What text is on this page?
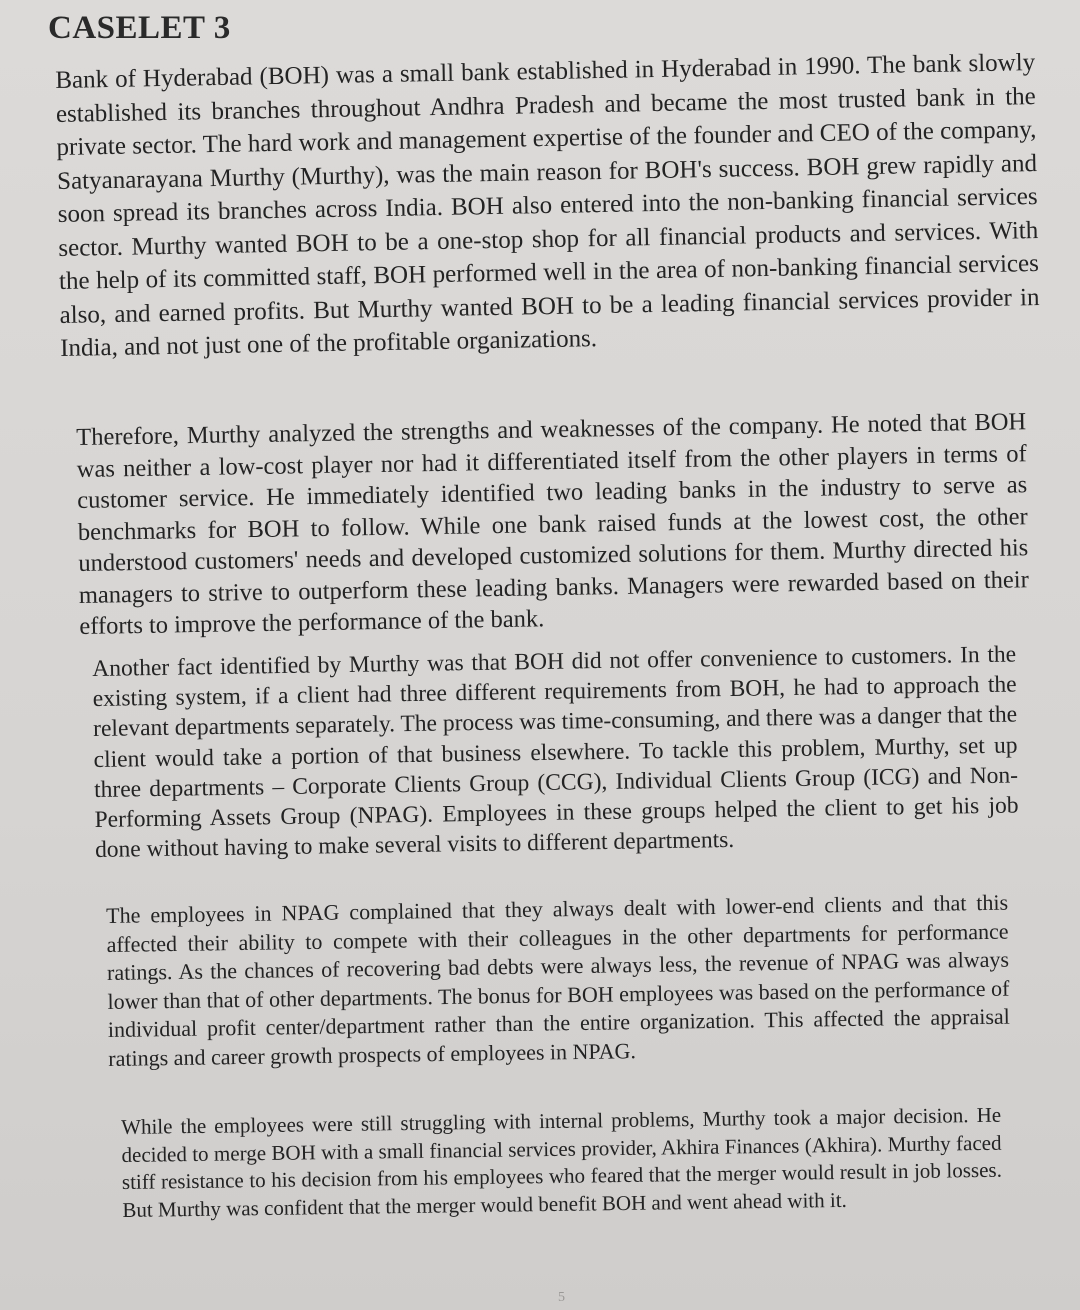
CASELET 3

Bank of Hyderabad (BOH) was a small bank established in Hyderabad in 1990. The bank slowly established its branches throughout Andhra Pradesh and became the most trusted bank in the private sector. The hard work and management expertise of the founder and CEO of the company, Satyanarayana Murthy (Murthy), was the main reason for BOH's success. BOH grew rapidly and soon spread its branches across India. BOH also entered into the non-banking financial services sector. Murthy wanted BOH to be a one-stop shop for all financial products and services. With the help of its committed staff, BOH performed well in the area of non-banking financial services also, and earned profits. But Murthy wanted BOH to be a leading financial services provider in India, and not just one of the profitable organizations.

Therefore, Murthy analyzed the strengths and weaknesses of the company. He noted that BOH was neither a low-cost player nor had it differentiated itself from the other players in terms of customer service. He immediately identified two leading banks in the industry to serve as benchmarks for BOH to follow. While one bank raised funds at the lowest cost, the other understood customers' needs and developed customized solutions for them. Murthy directed his managers to strive to outperform these leading banks. Managers were rewarded based on their efforts to improve the performance of the bank.

Another fact identified by Murthy was that BOH did not offer convenience to customers. In the existing system, if a client had three different requirements from BOH, he had to approach the relevant departments separately. The process was time-consuming, and there was a danger that the client would take a portion of that business elsewhere. To tackle this problem, Murthy, set up three departments – Corporate Clients Group (CCG), Individual Clients Group (ICG) and Non-Performing Assets Group (NPAG). Employees in these groups helped the client to get his job done without having to make several visits to different departments.

The employees in NPAG complained that they always dealt with lower-end clients and that this affected their ability to compete with their colleagues in the other departments for performance ratings. As the chances of recovering bad debts were always less, the revenue of NPAG was always lower than that of other departments. The bonus for BOH employees was based on the performance of individual profit center/department rather than the entire organization. This affected the appraisal ratings and career growth prospects of employees in NPAG.

While the employees were still struggling with internal problems, Murthy took a major decision. He decided to merge BOH with a small financial services provider, Akhira Finances (Akhira). Murthy faced stiff resistance to his decision from his employees who feared that the merger would result in job losses. But Murthy was confident that the merger would benefit BOH and went ahead with it.

5
